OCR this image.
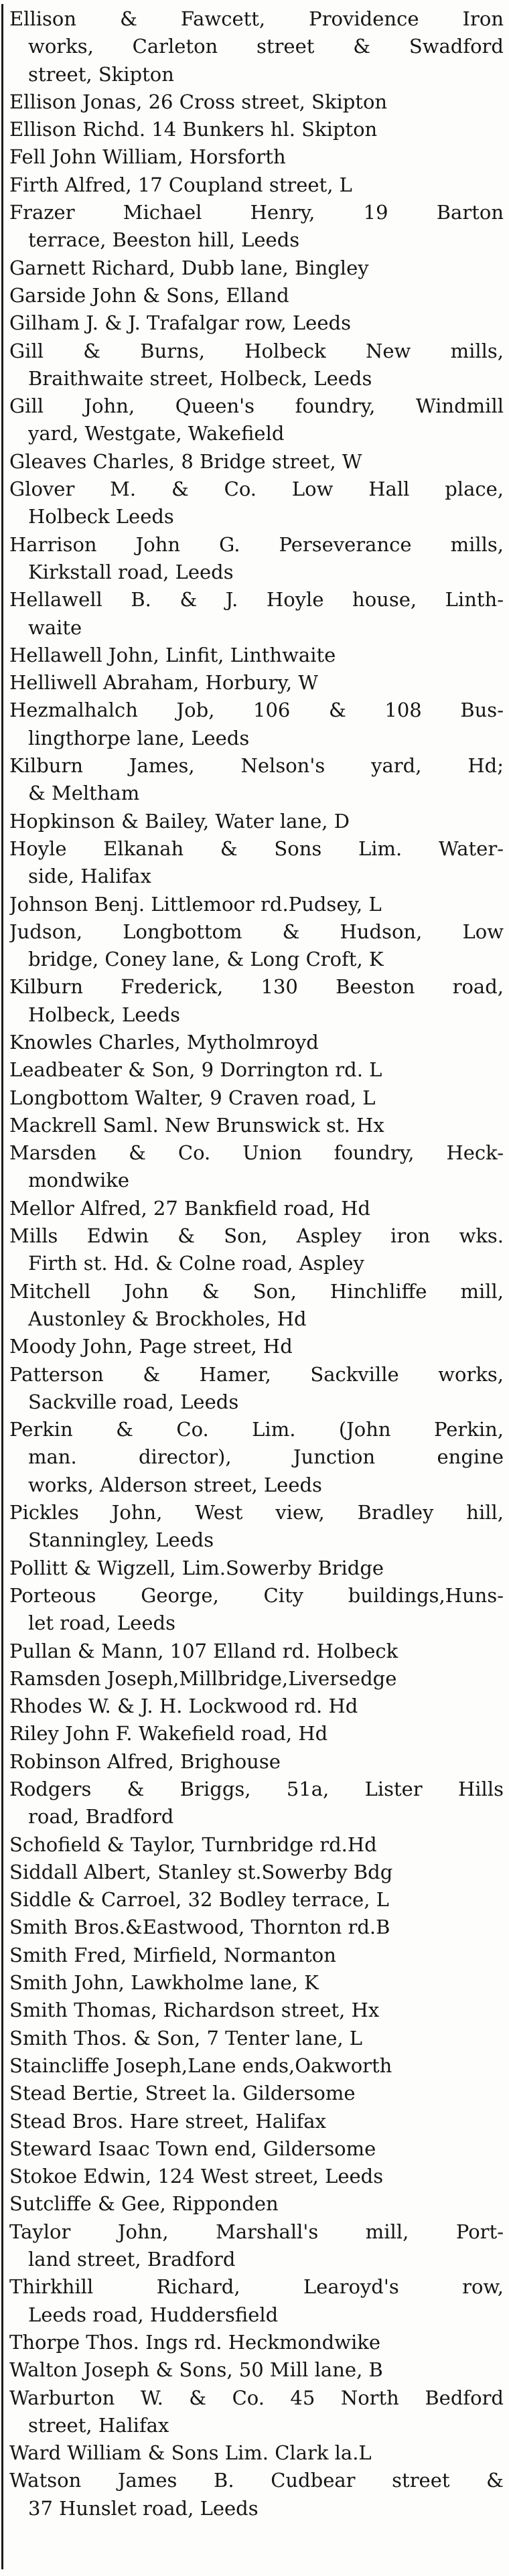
Ellison & Fawcett, Providence Iron
works, Carleton street & Swadford
street, Skipton
Ellison Jonas, 26 Cross street, Skipton
Ellison Richd. 14 Bunkers hl. Skipton
Fell John William, Horsforth
Firth Alfred, 17 Coupland street, L
Frazer Michael Henry, 19 Barton
terrace, Beeston hill, Leeds
Garnett Richard, Dubb lane, Bingley
Garside John & Sons, Elland
Gilham J. & J. Trafalgar row, Leeds
Gill & Burns, Holbeck New mills,
Braithwaite street, Holbeck, Leeds
Gill John, Queen's foundry, Windmill
yard, Westgate, Wakefield
Gleaves Charles, 8 Bridge street, W
Glover M. & Co. Low Hall place,
Holbeck Leeds
Harrison John G. Perseverance mills,
Kirkstall road, Leeds
Hellawell B. & J. Hoyle house, Linth-
waite
Hellawell John, Linfit, Linthwaite
Helliwell Abraham, Horbury, W
Hezmalhalch Job, 106 & 108 Bus-
lingthorpe lane, Leeds
Kilburn James, Nelson's yard, Hd;
& Meltham
Hopkinson & Bailey, Water lane, D
Hoyle Elkanah & Sons Lim. Water-
side, Halifax
Johnson Benj. Littlemoor rd.Pudsey, L
Judson, Longbottom & Hudson, Low
bridge, Coney lane, & Long Croft, K
Kilburn Frederick, 130 Beeston road,
Holbeck, Leeds
Knowles Charles, Mytholmroyd
Leadbeater & Son, 9 Dorrington rd. L
Longbottom Walter, 9 Craven road, L
Mackrell Saml. New Brunswick st. Hx
Marsden & Co. Union foundry, Heck-
mondwike
Mellor Alfred, 27 Bankfield road, Hd
Mills Edwin & Son, Aspley iron wks.
Firth st. Hd. & Colne road, Aspley
Mitchell John & Son, Hinchliffe mill,
Austonley & Brockholes, Hd
Moody John, Page street, Hd
Patterson & Hamer, Sackville works,
Sackville road, Leeds
Perkin & Co. Lim. (John Perkin,
man. director), Junction engine
works, Alderson street, Leeds
Pickles John, West view, Bradley hill,
Stanningley, Leeds
Pollitt & Wigzell, Lim.Sowerby Bridge
Porteous George, City buildings,Huns-
let road, Leeds
Pullan & Mann, 107 Elland rd. Holbeck
Ramsden Joseph,Millbridge,Liversedge
Rhodes W. & J. H. Lockwood rd. Hd
Riley John F. Wakefield road, Hd
Robinson Alfred, Brighouse
Rodgers & Briggs, 51a, Lister Hills
road, Bradford
Schofield & Taylor, Turnbridge rd.Hd
Siddall Albert, Stanley st.Sowerby Bdg
Siddle & Carroel, 32 Bodley terrace, L
Smith Bros.&Eastwood, Thornton rd.B
Smith Fred, Mirfield, Normanton
Smith John, Lawkholme lane, K
Smith Thomas, Richardson street, Hx
Smith Thos. & Son, 7 Tenter lane, L
Staincliffe Joseph,Lane ends,Oakworth
Stead Bertie, Street la. Gildersome
Stead Bros. Hare street, Halifax
Steward Isaac Town end, Gildersome
Stokoe Edwin, 124 West street, Leeds
Sutcliffe & Gee, Ripponden
Taylor John, Marshall's mill, Port-
land street, Bradford
Thirkhill Richard, Learoyd's row,
Leeds road, Huddersfield
Thorpe Thos. Ings rd. Heckmondwike
Walton Joseph & Sons, 50 Mill lane, B
Warburton W. & Co. 45 North Bedford
street, Halifax
Ward William & Sons Lim. Clark la.L
Watson James B. Cudbear street &
37 Hunslet road, Leeds
